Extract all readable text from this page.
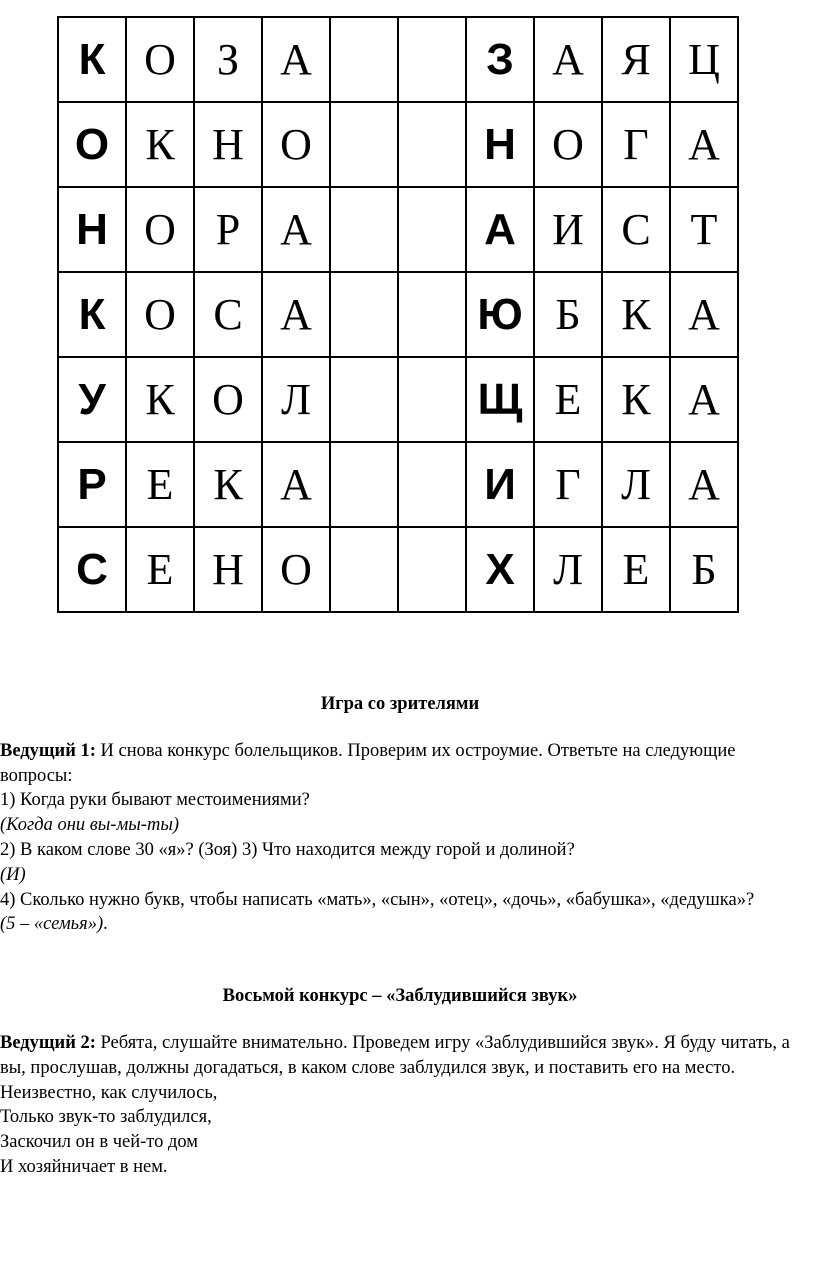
К	О	З	А			З	А	Я	Ц
О	К	Н	О			Н	О	Г	А
Н	О	Р	А			А	И	С	Т
К	О	С	А			Ю	Б	К	А
У	К	О	Л			Щ	Е	К	А
Р	Е	К	А			И	Г	Л	А
С	Е	Н	О			Х	Л	Е	Б

Игра со зрителями

Ведущий 1: И снова конкурс болельщиков. Проверим их остроумие. Ответьте на следующие вопросы:

1) Когда руки бывают местоимениями?

(Когда они вы-мы-ты)

2) В каком слове 30 «я»? (Зоя) 3) Что находится между горой и долиной?

(И)

4) Сколько нужно букв, чтобы написать «мать», «сын», «отец», «дочь», «бабушка», «дедушка»?

(5 – «семья»).

Восьмой конкурс – «Заблудившийся звук»

Ведущий 2: Ребята, слушайте внимательно. Проведем игру «Заблудившийся звук». Я буду читать, а вы, прослушав, должны догадаться, в каком слове заблудился звук, и поставить его на место.

Неизвестно, как случилось,

Только звук-то заблудился,

Заскочил он в чей-то дом

И хозяйничает в нем.
